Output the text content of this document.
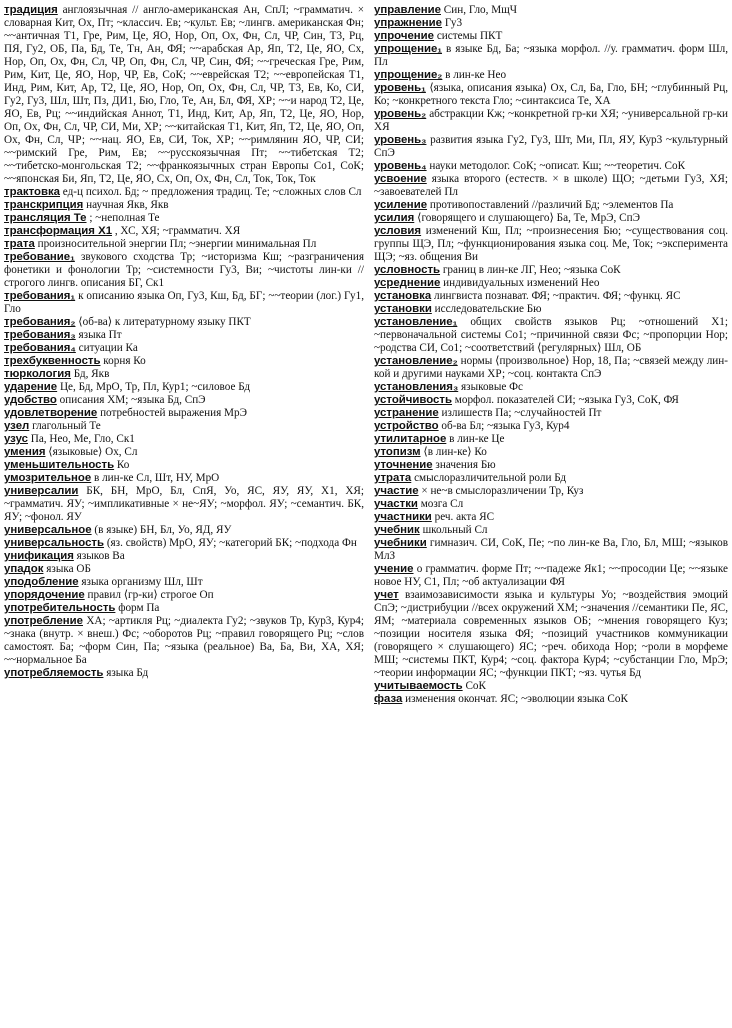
традиция англоязычная // англо-американская Ан, СпЛ; ~грамматич. × словарная Кит, Ох, Пт; ~классич. Ев; ~культ. Ев; ~лингв. американская Фн; ~~античная Т1, Гре, Рим, Це, ЯО, Нор, Оп, Ох, Фн, Сл, ЧР, Син, Т3, Рц, ПЯ, Гу2, ОБ, Па, Бд, Те, Тн, Ан, ФЯ; ~~арабская Ар, Яп, Т2, Це, ЯО, Сх, Нор, Оп, Ох, Фн, Сл, ЧР, Оп, Фн, Сл, ЧР, Син, ФЯ; ~~греческая Гре, Рим, Рим, Кит, Це, ЯО, Нор, ЧР, Ев, СоК; ~~еврейская Т2; ~~европейская Т1, Инд, Рим, Кит, Ар, Т2, Це, ЯО, Нор, Оп, Ох, Фн, Сл, ЧР, Т3, Ев, Ко, СИ, Гу2, Гу3, Шл, Шт, Пз, ДИ1, Бю, Гло, Те, Ан, Бл, ФЯ, ХР; ~~и народ Т2, Це, ЯО, Ев, Рц; ~~индийская Аннот, Т1, Инд, Кит, Ар, Яп, Т2, Це, ЯО, Нор, Оп, Ох, Фн, Сл, ЧР, СИ, Ми, ХР; ~~китайская Т1, Кит, Яп, Т2, Це, ЯО, Оп, Ох, Фн, Сл, ЧР; ~~нац. ЯО, Ев, СИ, Ток, ХР; ~~римлянин ЯО, ЧР, СИ; ~~римский Гре, Рим, Ев; ~~русскоязычная Пт; ~~тибетская Т2; ~~тибетско-монгольская Т2; ~~франкоязычных стран Европы Со1, СоК; ~~японская Би, Яп, Т2, Це, ЯО, Сх, Оп, Ох, Фн, Сл, Ток, Ток, Ток

трактовка ед-ц психол. Бд; ~ предложения традиц. Те; ~сложных слов Сл

транскрипция научная Якв, Якв

трансляция Те ; ~неполная Те

трансформация Х1 , ХС, ХЯ; ~грамматич. ХЯ

трата произносительной энергии Пл; ~энергии минимальная Пл

требование₁ звукового сходства Тр; ~историзма Кш; ~разграничения фонетики и фонологии Тр; ~системности Гу3, Ви; ~чистоты лин-ки //строгого лингв. описания БГ, Ск1

требования₁ к описанию языка Оп, Гу3, Кш, Бд, БГ; ~~теории (лог.) Гу1, Гло

требования₂ ⟨об-ва⟩ к литературному языку ПКТ

требования₃ языка Пт

требования₄ ситуации Ка

трехбуквенность корня Ко

тюркология Бд, Якв

ударение Це, Бд, МрО, Тр, Пл, Кур1; ~силовое Бд

удобство описания ХМ; ~языка Бд, СпЭ

удовлетворение потребностей выражения МрЭ

узел глагольный Те

узус Па, Нео, Ме, Гло, Ск1

умения ⟨языковые⟩ Ох, Сл

уменьшительность Ко

умозрительное в лин-ке Сл, Шт, НУ, МрО

универсалии БК, БН, МрО, Бл, СпЯ, Уо, ЯС, ЯУ, ЯУ, Х1, ХЯ; ~грамматич. ЯУ; ~импликативные × не~ЯУ; ~морфол. ЯУ; ~семантич. БК, ЯУ; ~фонол. ЯУ

универсальное (в языке) БН, Бл, Уо, ЯД, ЯУ

универсальность (яз. свойств) МрО, ЯУ; ~категорий БК; ~подхода Фн

унификация языков Ва

упадок языка ОБ

уподобление языка организму Шл, Шт

упорядочение правил ⟨гр-ки⟩ строгое Оп

употребительность форм Па

употребление ХА; ~артикля Рц; ~диалекта Гу2; ~звуков Тр, Кур3, Кур4; ~знака (внутр. × внеш.) Фс; ~оборотов Рц; ~правил говорящего Рц; ~слов самостоят. Ба; ~форм Син, Па; ~языка (реальное) Ва, Ба, Ви, ХА, ХЯ; ~~нормальное Ба

употребляемость языка Бд

управление Син, Гло, МщЧ

упражнение Гу3

упрочение системы ПКТ

упрощение₁ в языке Бд, Ба; ~языка морфол. //у. грамматич. форм Шл, Пл

упрощение₂ в лин-ке Нео

уровень₁ ⟨языка, описания языка⟩ Ох, Сл, Ба, Гло, БН; ~глубинный Рц, Ко; ~конкретного текста Гло; ~синтаксиса Те, ХА

уровень₂ абстракции Кж; ~конкретной гр-ки ХЯ; ~универсальной гр-ки ХЯ

уровень₃ развития языка Гу2, Гу3, Шт, Ми, Пл, ЯУ, Кур3 ~культурный СпЭ

уровень₄ науки методолог. СоК; ~описат. Кш; ~~теоретич. СоК

усвоение языка второго (естеств. × в школе) ЩО; ~детьми Гу3, ХЯ; ~завоевателей Пл

усиление противопоставлений //различий Бд; ~элементов Па

усилия ⟨говорящего и слушающего⟩ Ба, Те, МрЭ, СпЭ

условия изменений Кш, Пл; ~произнесения Бю; ~существования соц. группы ЩЭ, Пл; ~функционирования языка соц. Ме, Ток; ~эксперимента ЩЭ; ~яз. общения Ви

условность границ в лин-ке ЛГ, Нео; ~языка СоК

усреднение индивидуальных изменений Нео

установка лингвиста познават. ФЯ; ~практич. ФЯ; ~функц. ЯС

установки исследовательские Бю

установление₁ общих свойств языков Рц; ~отношений Х1; ~первоначальной системы Со1; ~причинной связи Фс; ~пропорции Нор; ~родства СИ, Со1; ~соответствий ⟨регулярных⟩ Шл, ОБ

установление₂ нормы ⟨произвольное⟩ Нор, 18, Па; ~связей между лин-кой и другими науками ХР; ~соц. контакта СпЭ

установления₃ языковые Фс

устойчивость морфол. показателей СИ; ~языка Гу3, СоК, ФЯ

устранение излишеств Па; ~случайностей Пт

устройство об-ва Бл; ~языка Гу3, Кур4

утилитарное в лин-ке Це

утопизм ⟨в лин-ке⟩ Ко

уточнение значения Бю

утрата смыслоразличительной роли Бд

участие × не~в смыслоразличении Тр, Куз

участки мозга Сл

участники реч. акта ЯС

учебник школьный Сл

учебники гимназич. СИ, СоК, Пе; ~по лин-ке Ва, Гло, Бл, МШ; ~языков МлЗ

учение о грамматич. форме Пт; ~~падеже Як1; ~~просодии Це; ~~языке новое НУ, С1, Пл; ~об актуализации ФЯ

учет взаимозависимости языка и культуры Уо; ~воздействия эмоций СпЭ; ~дистрибуции //всех окружений ХМ; ~значения //семантики Пе, ЯС, ЯМ; ~материала современных языков ОБ; ~мнения говорящего Куз; ~позиции носителя языка ФЯ; ~позиций участников коммуникации (говорящего × слушающего) ЯС; ~реч. обихода Нор; ~роли в морфеме МШ; ~системы ПКТ, Кур4; ~соц. фактора Кур4; ~субстанции Гло, МрЭ; ~теории информации ЯС; ~функции ПКТ; ~яз. чутья Бд

учитываемость СоК

фаза изменения окончат. ЯС; ~эволюции языка СоК
